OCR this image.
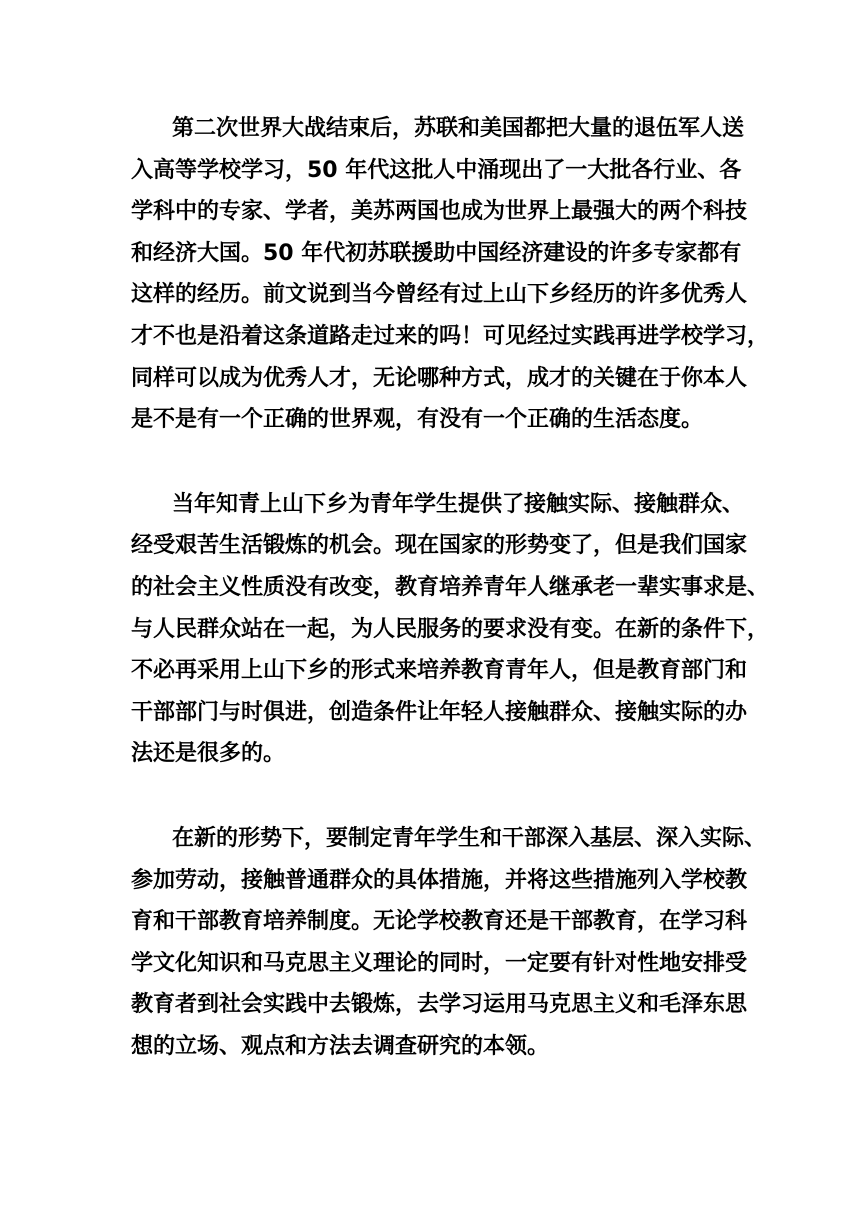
第二次世界大战结束后，苏联和美国都把大量的退伍军人送
入高等学校学习，50 年代这批人中涌现出了一大批各行业、各
学科中的专家、学者，美苏两国也成为世界上最强大的两个科技
和经济大国。50 年代初苏联援助中国经济建设的许多专家都有
这样的经历。前文说到当今曾经有过上山下乡经历的许多优秀人
才不也是沿着这条道路走过来的吗！可见经过实践再进学校学习，
同样可以成为优秀人才，无论哪种方式，成才的关键在于你本人
是不是有一个正确的世界观，有没有一个正确的生活态度。
当年知青上山下乡为青年学生提供了接触实际、接触群众、
经受艰苦生活锻炼的机会。现在国家的形势变了，但是我们国家
的社会主义性质没有改变，教育培养青年人继承老一辈实事求是、
与人民群众站在一起，为人民服务的要求没有变。在新的条件下，
不必再采用上山下乡的形式来培养教育青年人，但是教育部门和
干部部门与时俱进，创造条件让年轻人接触群众、接触实际的办
法还是很多的。
在新的形势下，要制定青年学生和干部深入基层、深入实际、
参加劳动，接触普通群众的具体措施，并将这些措施列入学校教
育和干部教育培养制度。无论学校教育还是干部教育，在学习科
学文化知识和马克思主义理论的同时，一定要有针对性地安排受
教育者到社会实践中去锻炼，去学习运用马克思主义和毛泽东思
想的立场、观点和方法去调查研究的本领。
